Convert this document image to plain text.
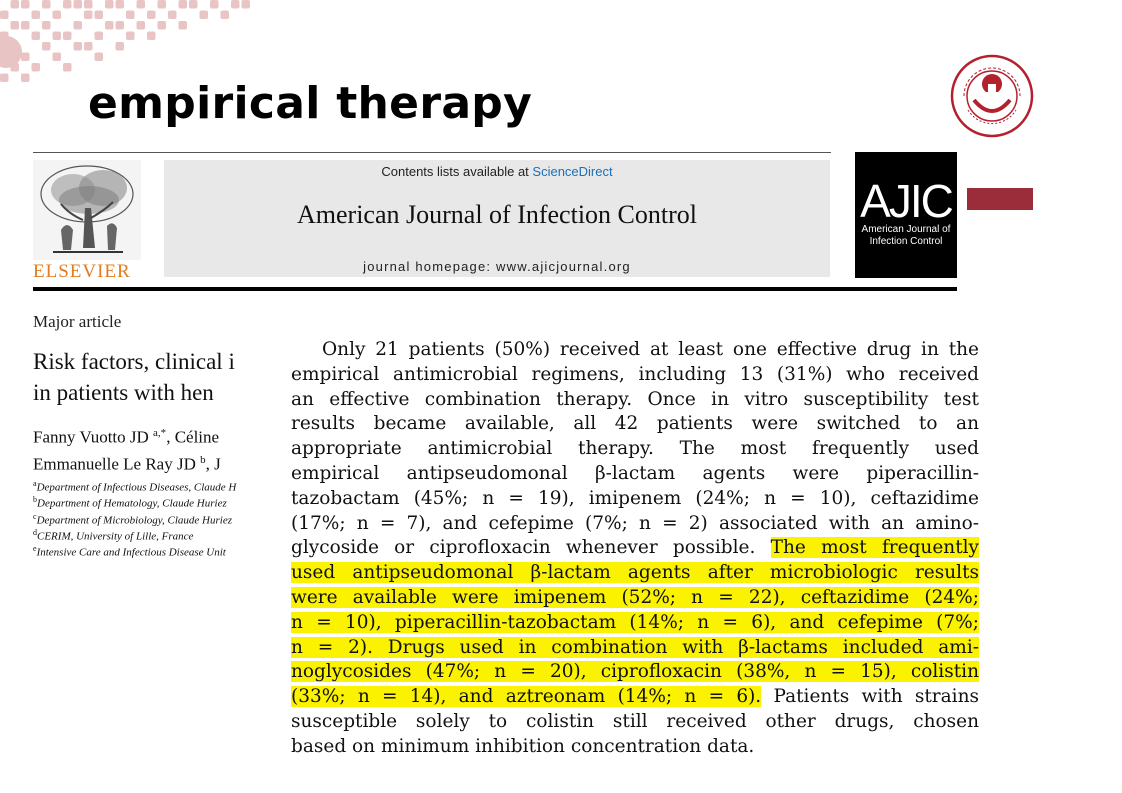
empirical therapy
ELSEVIER
Contents lists available at ScienceDirect
American Journal of Infection Control
journal homepage: www.ajicjournal.org
AJIC
American Journal of
Infection Control
Major article
Risk factors, clinical i
in patients with hen
Fanny Vuotto JD $^{a,*}$, Céline
Emmanuelle Le Ray JD $^b$, J
$^a$Department of Infectious Diseases, Claude H
$^b$Department of Hematology, Claude Huriez
$^c$Department of Microbiology, Claude Huriez
$^d$CERIM, University of Lille, France
$^e$Intensive Care and Infectious Disease Unit
Only 21 patients (50%) received at least one effective drug in the
empirical antimicrobial regimens, including 13 (31%) who received
an effective combination therapy. Once in vitro susceptibility test
results became available, all 42 patients were switched to an
appropriate antimicrobial therapy. The most frequently used
empirical antipseudomonal β-lactam agents were piperacillin-
tazobactam (45%; n = 19), imipenem (24%; n = 10), ceftazidime
(17%; n = 7), and cefepime (7%; n = 2) associated with an amino-
glycoside or ciprofloxacin whenever possible. The most frequently
used antipseudomonal β-lactam agents after microbiologic results
were available were imipenem (52%; n = 22), ceftazidime (24%;
n = 10), piperacillin-tazobactam (14%; n = 6), and cefepime (7%;
n = 2). Drugs used in combination with β-lactams included ami-
noglycosides (47%; n = 20), ciprofloxacin (38%, n = 15), colistin
(33%; n = 14), and aztreonam (14%; n = 6). Patients with strains
susceptible solely to colistin still received other drugs, chosen
based on minimum inhibition concentration data.
